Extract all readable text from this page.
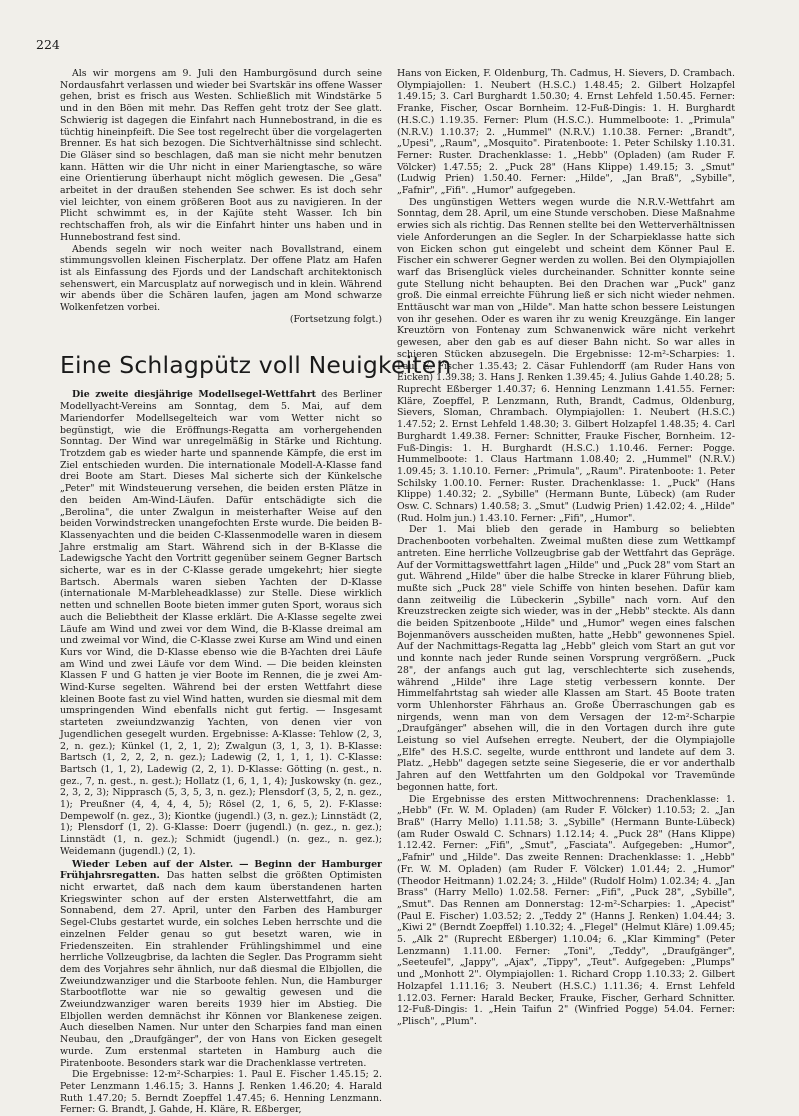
224

Als wir morgens am 9. Juli den Hamburgösund durch seine Nordausfahrt verlassen und wieder bei Svartskär ins offene Wasser gehen, brist es frisch aus Westen. Schließlich mit Windstärke 5 und in den Böen mit mehr. Das Reffen geht trotz der See glatt. Schwierig ist dagegen die Einfahrt nach Hunnebostrand, in die es tüchtig hineinpfeift. Die See tost regelrecht über die vorgelagerten Brenner. Es hat sich bezogen. Die Sichtverhältnisse sind schlecht. Die Gläser sind so beschlagen, daß man sie nicht mehr benutzen kann. Hätten wir die Uhr nicht in einer Mariengtasche, so wäre eine Orientierung überhaupt nicht möglich gewesen. Die „Gesa" arbeitet in der draußen stehenden See schwer. Es ist doch sehr viel leichter, von einem größeren Boot aus zu navigieren. In der Plicht schwimmt es, in der Kajüte steht Wasser. Ich bin rechtschaffen froh, als wir die Einfahrt hinter uns haben und in Hunnebostrand fest sind.

Abends segeln wir noch weiter nach Bovallstrand, einem stimmungsvollen kleinen Fischerplatz. Der offene Platz am Hafen ist als Einfassung des Fjords und der Landschaft architektonisch sehenswert, ein Marcusplatz auf norwegisch und in klein. Während wir abends über die Schären laufen, jagen am Mond schwarze Wolkenfetzen vorbei.

(Fortsetzung folgt.)

Eine Schlagpütz voll Neuigkeiten

Die zweite diesjährige Modellsegel-Wettfahrt des Berliner Modellyacht-Vereins am Sonntag, dem 5. Mai, auf dem Mariendorfer Modellsegelteich war vom Wetter nicht so begünstigt, wie die Eröffnungs-Regatta am vorhergehenden Sonntag. Der Wind war unregelmäßig in Stärke und Richtung. Trotzdem gab es wieder harte und spannende Kämpfe, die erst im Ziel entschieden wurden. Die internationale Modell-A-Klasse fand drei Boote am Start. Dieses Mal sicherte sich der Künkelsche „Peter" mit Windsteuerung versehen, die beiden ersten Plätze in den beiden Am-Wind-Läufen. Dafür entschädigte sich die „Berolina", die unter Zwalgun in meisterhafter Weise auf den beiden Vorwindstrecken unangefochten Erste wurde. Die beiden B-Klassenyachten und die beiden C-Klassenmodelle waren in diesem Jahre erstmalig am Start. Während sich in der B-Klasse die Ladewigsche Yacht den Vortritt gegenüber seinem Gegner Bartsch sicherte, war es in der C-Klasse gerade umgekehrt; hier siegte Bartsch. Abermals waren sieben Yachten der D-Klasse (internationale M-Marbleheadklasse) zur Stelle. Diese wirklich netten und schnellen Boote bieten immer guten Sport, woraus sich auch die Beliebtheit der Klasse erklärt. Die A-Klasse segelte zwei Läufe am Wind und zwei vor dem Wind, die B-Klasse dreimal am und zweimal vor Wind, die C-Klasse zwei Kurse am Wind und einen Kurs vor Wind, die D-Klasse ebenso wie die B-Yachten drei Läufe am Wind und zwei Läufe vor dem Wind. — Die beiden kleinsten Klassen F und G hatten je vier Boote im Rennen, die je zwei Am-Wind-Kurse segelten. Während bei der ersten Wettfahrt diese kleinen Boote fast zu viel Wind hatten, wurden sie diesmal mit dem umspringenden Wind ebenfalls nicht gut fertig. — Insgesamt starteten zweiundzwanzig Yachten, von denen vier von Jugendlichen gesegelt wurden. Ergebnisse: A-Klasse: Tehlow (2, 3, 2, n. gez.); Künkel (1, 2, 1, 2); Zwalgun (3, 1, 3, 1). B-Klasse: Bartsch (1, 2, 2, 2, n. gez.); Ladewig (2, 1, 1, 1, 1). C-Klasse: Bartsch (1, 1, 2), Ladewig (2, 2, 1). D-Klasse: Götting (n. gest., n. gez., 7, n. gest., n. gest.); Hollatz (1, 6, 1, 1, 4); Juskowsky (n. gez., 2, 3, 2, 3); Nipprasch (5, 3, 5, 3, n. gez.); Plensdorf (3, 5, 2, n. gez., 1); Preußner (4, 4, 4, 4, 5); Rösel (2, 1, 6, 5, 2). F-Klasse: Dempewolf (n. gez., 3); Kiontke (jugendl.) (3, n. gez.); Linnstädt (2, 1); Plensdorf (1, 2). G-Klasse: Doerr (jugendl.) (n. gez., n. gez.); Linnstädt (1, n. gez.); Schmidt (jugendl.) (n. gez., n. gez.); Weidemann (jugendl.) (2, 1).

Wieder Leben auf der Alster. — Beginn der Hamburger Frühjahrsregatten. Das hatten selbst die größten Optimisten nicht erwartet, daß nach dem kaum überstandenen harten Kriegswinter schon auf der ersten Alsterwettfahrt, die am Sonnabend, dem 27. April, unter den Farben des Hamburger Segel-Clubs gestartet wurde, ein solches Leben herrschte und die einzelnen Felder genau so gut besetzt waren, wie in Friedenszeiten. Ein strahlender Frühlingshimmel und eine herrliche Vollzeugbrise, da lachten die Segler. Das Programm sieht dem des Vorjahres sehr ähnlich, nur daß diesmal die Elbjollen, die Zweiundzwanziger und die Starboote fehlen. Nun, die Hamburger Starbootflotte war nie so gewaltig gewesen und die Zweiundzwanziger waren bereits 1939 hier im Abstieg. Die Elbjollen werden demnächst ihr Können vor Blankenese zeigen. Auch dieselben Namen. Nur unter den Scharpies fand man einen Neubau, den „Draufgänger", der von Hans von Eicken gesegelt wurde. Zum erstenmal starteten in Hamburg auch die Piratenboote. Besonders stark war die Drachenklasse vertreten.

Die Ergebnisse: 12-m²-Scharpies: 1. Paul E. Fischer 1.45.15; 2. Peter Lenzmann 1.46.15; 3. Hanns J. Renken 1.46.20; 4. Harald Ruth 1.47.20; 5. Berndt Zoepffel 1.47.45; 6. Henning Lenzmann. Ferner: G. Brandt, J. Gahde, H. Kläre, R. Eßberger,

Hans von Eicken, F. Oldenburg, Th. Cadmus, H. Sievers, D. Crambach. Olympiajollen: 1. Neubert (H.S.C.) 1.48.45; 2. Gilbert Holzapfel 1.49.15; 3. Carl Burghardt 1.50.30; 4. Ernst Lehfeld 1.50.45. Ferner: Franke, Fischer, Oscar Bornheim. 12-Fuß-Dingis: 1. H. Burghardt (H.S.C.) 1.19.35. Ferner: Plum (H.S.C.). Hummelboote: 1. „Primula" (N.R.V.) 1.10.37; 2. „Hummel" (N.R.V.) 1.10.38. Ferner: „Brandt", „Upesi", „Raum", „Mosquito". Piratenboote: 1. Peter Schilsky 1.10.31. Ferner: Ruster. Drachenklasse: 1. „Hebb" (Opladen) (am Ruder F. Völcker) 1.47.55; 2. „Puck 28" (Hans Klippe) 1.49.15; 3. „Smut" (Ludwig Prien) 1.50.40. Ferner: „Hilde", „Jan Braß", „Sybille", „Fafnir", „Fifi". „Humor" aufgegeben.

Des ungünstigen Wetters wegen wurde die N.R.V.-Wettfahrt am Sonntag, dem 28. April, um eine Stunde verschoben. Diese Maßnahme erwies sich als richtig. Das Rennen stellte bei den Wetterverhältnissen viele Anforderungen an die Segler. In der Scharpieklasse hatte sich von Eicken schon gut eingelebt und scheint dem Könner Paul E. Fischer ein schwerer Gegner werden zu wollen. Bei den Olympiajollen warf das Brisenglück vieles durcheinander. Schnitter konnte seine gute Stellung nicht behaupten. Bei den Drachen war „Puck" ganz groß. Die einmal erreichte Führung ließ er sich nicht wieder nehmen. Enttäuscht war man von „Hilde". Man hatte schon bessere Leistungen von ihr gesehen. Oder es waren ihr zu wenig Kreuzgänge. Ein langer Kreuztörn von Fontenay zum Schwanenwick wäre nicht verkehrt gewesen, aber den gab es auf dieser Bahn nicht. So war alles in schieren Stücken abzusegeln. Die Ergebnisse: 12-m²-Scharpies: 1. Paul E. Fischer 1.35.43; 2. Cäsar Fuhlendorff (am Ruder Hans von Eicken) 1.39.38; 3. Hans J. Renken 1.39.45; 4. Julius Gahde 1.40.28; 5. Ruprecht Eßberger 1.40.37; 6. Henning Lenzmann 1.41.55. Ferner: Kläre, Zoepffel, P. Lenzmann, Ruth, Brandt, Cadmus, Oldenburg, Sievers, Sloman, Chrambach. Olympiajollen: 1. Neubert (H.S.C.) 1.47.52; 2. Ernst Lehfeld 1.48.30; 3. Gilbert Holzapfel 1.48.35; 4. Carl Burghardt 1.49.38. Ferner: Schnitter, Frauke Fischer, Bornheim. 12-Fuß-Dingis: 1. H. Burghardt (H.S.C.) 1.10.46. Ferner: Pogge. Hummelboote: 1. Claus Hartmann 1.08.40; 2. „Hummel" (N.R.V.) 1.09.45; 3. 1.10.10. Ferner: „Primula", „Raum". Piratenboote: 1. Peter Schilsky 1.00.10. Ferner: Ruster. Drachenklasse: 1. „Puck" (Hans Klippe) 1.40.32; 2. „Sybille" (Hermann Bunte, Lübeck) (am Ruder Osw. C. Schnars) 1.40.58; 3. „Smut" (Ludwig Prien) 1.42.02; 4. „Hilde" (Rud. Holm jun.) 1.43.10. Ferner: „Fifi", „Humor".

Der 1. Mai blieb den gerade in Hamburg so beliebten Drachenbooten vorbehalten. Zweimal mußten diese zum Wettkampf antreten. Eine herrliche Vollzeugbrise gab der Wettfahrt das Gepräge. Auf der Vormittagswettfahrt lagen „Hilde" und „Puck 28" vom Start an gut. Während „Hilde" über die halbe Strecke in klarer Führung blieb, mußte sich „Puck 28" viele Schiffe von hinten besehen. Dafür kam dann zeitweilig die Lübeckerin „Sybille" nach vorn. Auf den Kreuzstrecken zeigte sich wieder, was in der „Hebb" steckte. Als dann die beiden Spitzenboote „Hilde" und „Humor" wegen eines falschen Bojenmanövers ausscheiden mußten, hatte „Hebb" gewonnenes Spiel. Auf der Nachmittags-Regatta lag „Hebb" gleich vom Start an gut vor und konnte nach jeder Runde seinen Vorsprung vergrößern. „Puck 28", der anfangs auch gut lag, verschlechterte sich zusehends, während „Hilde" ihre Lage stetig verbessern konnte. Der Himmelfahrtstag sah wieder alle Klassen am Start. 45 Boote traten vorm Uhlenhorster Fährhaus an. Große Überraschungen gab es nirgends, wenn man von dem Versagen der 12-m²-Scharpie „Draufgänger" absehen will, die in den Vortagen durch ihre gute Leistung so viel Aufsehen erregte. Neubert, der die Olympiajolle „Elfe" des H.S.C. segelte, wurde entthront und landete auf dem 3. Platz. „Hebb" dagegen setzte seine Siegeserie, die er vor anderthalb Jahren auf den Wettfahrten um den Goldpokal vor Travemünde begonnen hatte, fort.

Die Ergebnisse des ersten Mittwochrennens: Drachenklasse: 1. „Hebb" (Fr. W. M. Opladen) (am Ruder F. Völcker) 1.10.53; 2. „Jan Braß" (Harry Mello) 1.11.58; 3. „Sybille" (Hermann Bunte-Lübeck) (am Ruder Oswald C. Schnars) 1.12.14; 4. „Puck 28" (Hans Klippe) 1.12.42. Ferner: „Fifi", „Smut", „Fasciata". Aufgegeben: „Humor", „Fafnir" und „Hilde". Das zweite Rennen: Drachenklasse: 1. „Hebb" (Fr. W. M. Opladen) (am Ruder F. Völcker) 1.01.44; 2. „Humor" (Theodor Heitmann) 1.02.24; 3. „Hilde" (Rudolf Holm) 1.02.34; 4. „Jan Brass" (Harry Mello) 1.02.58. Ferner: „Fifi", „Puck 28", „Sybille", „Smut". Das Rennen am Donnerstag: 12-m²-Scharpies: 1. „Apecist" (Paul E. Fischer) 1.03.52; 2. „Teddy 2" (Hanns J. Renken) 1.04.44; 3. „Kiwi 2" (Berndt Zoepffel) 1.10.32; 4. „Flegel" (Helmut Kläre) 1.09.45; 5. „Alk 2" (Ruprecht Eßberger) 1.10.04; 6. „Klar Kimming" (Peter Lenzmann) 1.11.00. Ferner: „Toni", „Teddy", „Draufgänger", „Seeteufel", „Jappy", „Ajax", „Tippy", „Teut". Aufgegeben: „Plumps" und „Monhott 2". Olympiajollen: 1. Richard Cropp 1.10.33; 2. Gilbert Holzapfel 1.11.16; 3. Neubert (H.S.C.) 1.11.36; 4. Ernst Lehfeld 1.12.03. Ferner: Harald Becker, Frauke, Fischer, Gerhard Schnitter. 12-Fuß-Dingis: 1. „Hein Taifun 2" (Winfried Pogge) 54.04. Ferner: „Plisch", „Plum".
